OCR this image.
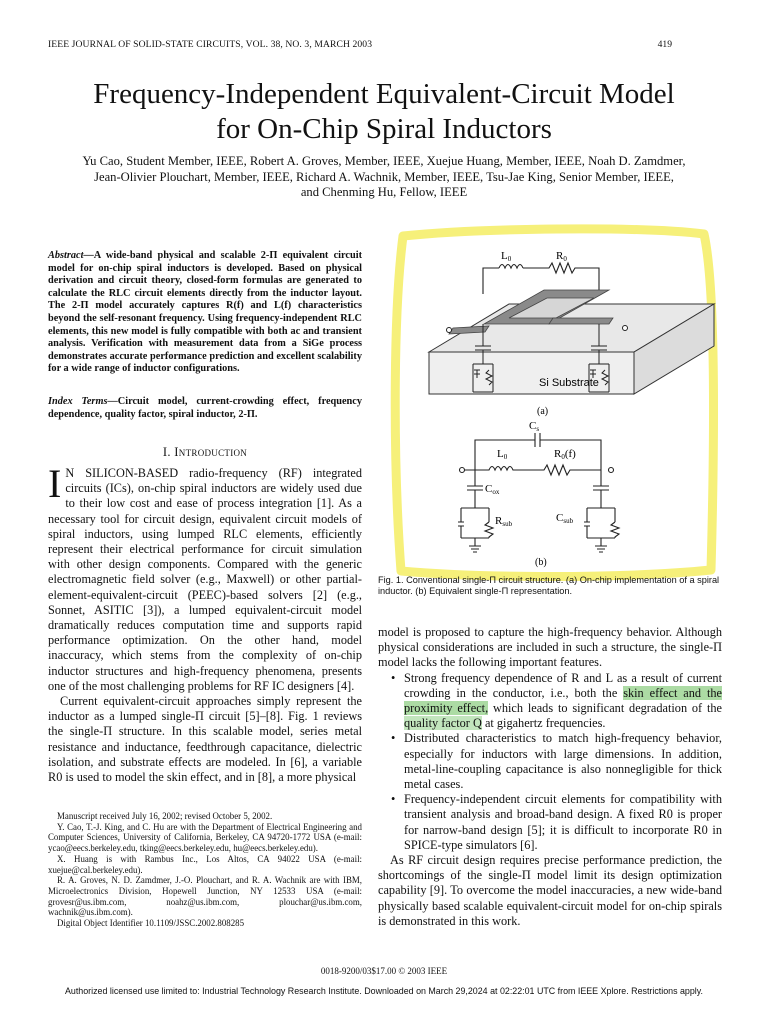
IEEE JOURNAL OF SOLID-STATE CIRCUITS, VOL. 38, NO. 3, MARCH 2003	419
Frequency-Independent Equivalent-Circuit Model
for On-Chip Spiral Inductors
Yu Cao, Student Member, IEEE, Robert A. Groves, Member, IEEE, Xuejue Huang, Member, IEEE, Noah D. Zamdmer,
Jean-Olivier Plouchart, Member, IEEE, Richard A. Wachnik, Member, IEEE, Tsu-Jae King, Senior Member, IEEE,
and Chenming Hu, Fellow, IEEE
Abstract—A wide-band physical and scalable 2-Π equivalent circuit model for on-chip spiral inductors is developed. Based on physical derivation and circuit theory, closed-form formulas are generated to calculate the RLC circuit elements directly from the inductor layout. The 2-Π model accurately captures R(f) and L(f) characteristics beyond the self-resonant frequency. Using frequency-independent RLC elements, this new model is fully compatible with both ac and transient analysis. Verification with measurement data from a SiGe process demonstrates accurate performance prediction and excellent scalability for a wide range of inductor configurations.
Index Terms—Circuit model, current-crowding effect, frequency dependence, quality factor, spiral inductor, 2-Π.
I. Introduction

I N SILICON-BASED radio-frequency (RF) integrated circuits (ICs), on-chip spiral inductors are widely used due to their low cost and ease of process integration [1]. As a necessary tool for circuit design, equivalent circuit models of spiral inductors, using lumped RLC elements, efficiently represent their electrical performance for circuit simulation with other design components. Compared with the generic electromagnetic field solver (e.g., Maxwell) or other partial-element-equivalent-circuit (PEEC)-based solvers [2] (e.g., Sonnet, ASITIC [3]), a lumped equivalent-circuit model dramatically reduces computation time and supports rapid performance optimization. On the other hand, model inaccuracy, which stems from the complexity of on-chip inductor structures and high-frequency phenomena, presents one of the most challenging problems for RF IC designers [4].

Current equivalent-circuit approaches simply represent the inductor as a lumped single-Π circuit [5]–[8]. Fig. 1 reviews the single-Π structure. In this scalable model, series metal resistance and inductance, feedthrough capacitance, dielectric isolation, and substrate effects are modeled. In [6], a variable R0 is used to model the skin effect, and in [8], a more physical

Manuscript received July 16, 2002; revised October 5, 2002.

Y. Cao, T.-J. King, and C. Hu are with the Department of Electrical Engineering and Computer Sciences, University of California, Berkeley, CA 94720-1772 USA (e-mail: ycao@eecs.berkeley.edu, tking@eecs.berkeley.edu, hu@eecs.berkeley.edu).

X. Huang is with Rambus Inc., Los Altos, CA 94022 USA (e-mail: xuejue@cal.berkeley.edu).

R. A. Groves, N. D. Zamdmer, J.-O. Plouchart, and R. A. Wachnik are with IBM, Microelectronics Division, Hopewell Junction, NY 12533 USA (e-mail: grovesr@us.ibm.com, noahz@us.ibm.com, plouchar@us.ibm.com, wachnik@us.ibm.com).

Digital Object Identifier 10.1109/JSSC.2002.808285

L0	R0
Si Substrate
(a)
Cs
L0	R0(f)
Cox
Rsub	Csub
(b)
Fig. 1. Conventional single-Π circuit structure. (a) On-chip implementation of a spiral inductor. (b) Equivalent single-Π representation.

model is proposed to capture the high-frequency behavior. Although physical considerations are included in such a structure, the single-Π model lacks the following important features.

• Strong frequency dependence of R and L as a result of current crowding in the conductor, i.e., both the skin effect and the proximity effect, which leads to significant degradation of the quality factor Q at gigahertz frequencies.
• Distributed characteristics to match high-frequency behavior, especially for inductors with large dimensions. In addition, metal-line-coupling capacitance is also nonnegligible for thick metal cases.
• Frequency-independent circuit elements for compatibility with transient analysis and broad-band design. A fixed R0 is proper for narrow-band design [5]; it is difficult to incorporate R0 in SPICE-type simulators [6].

As RF circuit design requires precise performance prediction, the shortcomings of the single-Π model limit its design optimization capability [9]. To overcome the model inaccuracies, a new wide-band physically based scalable equivalent-circuit model for on-chip spirals is demonstrated in this work.

0018-9200/03$17.00 © 2003 IEEE
Authorized licensed use limited to: Industrial Technology Research Institute. Downloaded on March 29,2024 at 02:22:01 UTC from IEEE Xplore. Restrictions apply.
